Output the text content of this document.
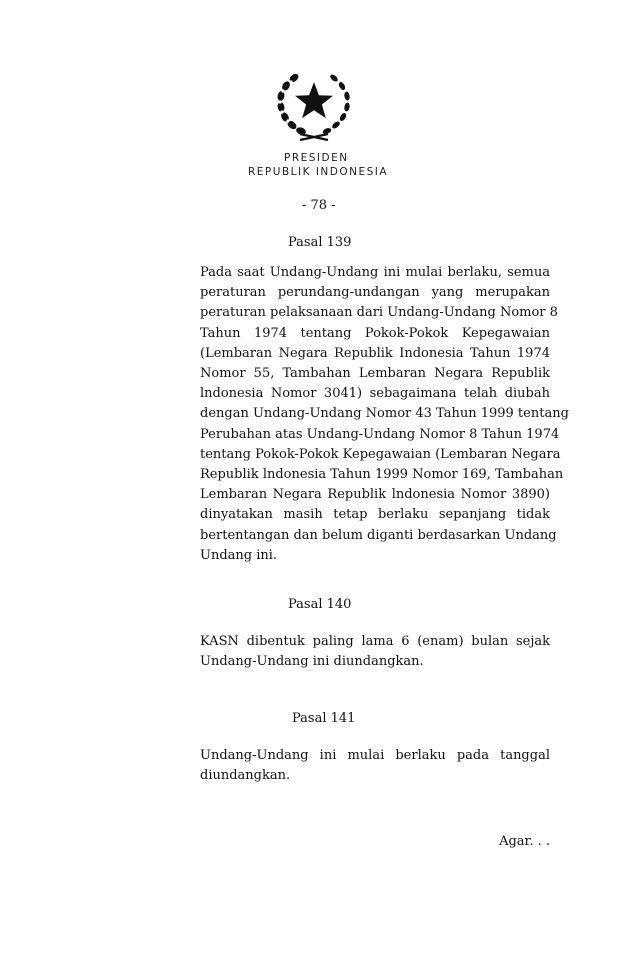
PRESIDEN
REPUBLIK INDONESIA
- 78 -
Pasal 139
Pada saat Undang-Undang ini mulai berlaku, semua
peraturan perundang-undangan yang merupakan
peraturan pelaksanaan dari Undang-Undang Nomor 8
Tahun 1974 tentang Pokok-Pokok Kepegawaian
(Lembaran Negara Republik Indonesia Tahun 1974
Nomor 55, Tambahan Lembaran Negara Republik
lndonesia Nomor 3041) sebagaimana telah diubah
dengan Undang-Undang Nomor 43 Tahun 1999 tentang
Perubahan atas Undang-Undang Nomor 8 Tahun 1974
tentang Pokok-Pokok Kepegawaian (Lembaran Negara
Republik lndonesia Tahun 1999 Nomor 169, Tambahan
Lembaran Negara Republik lndonesia Nomor 3890)
dinyatakan masih tetap berlaku sepanjang tidak
bertentangan dan belum diganti berdasarkan Undang
Undang ini.
Pasal 140
KASN dibentuk paling lama 6 (enam) bulan sejak
Undang-Undang ini diundangkan.
Pasal 141
Undang-Undang ini mulai berlaku pada tanggal
diundangkan.
Agar. . .
